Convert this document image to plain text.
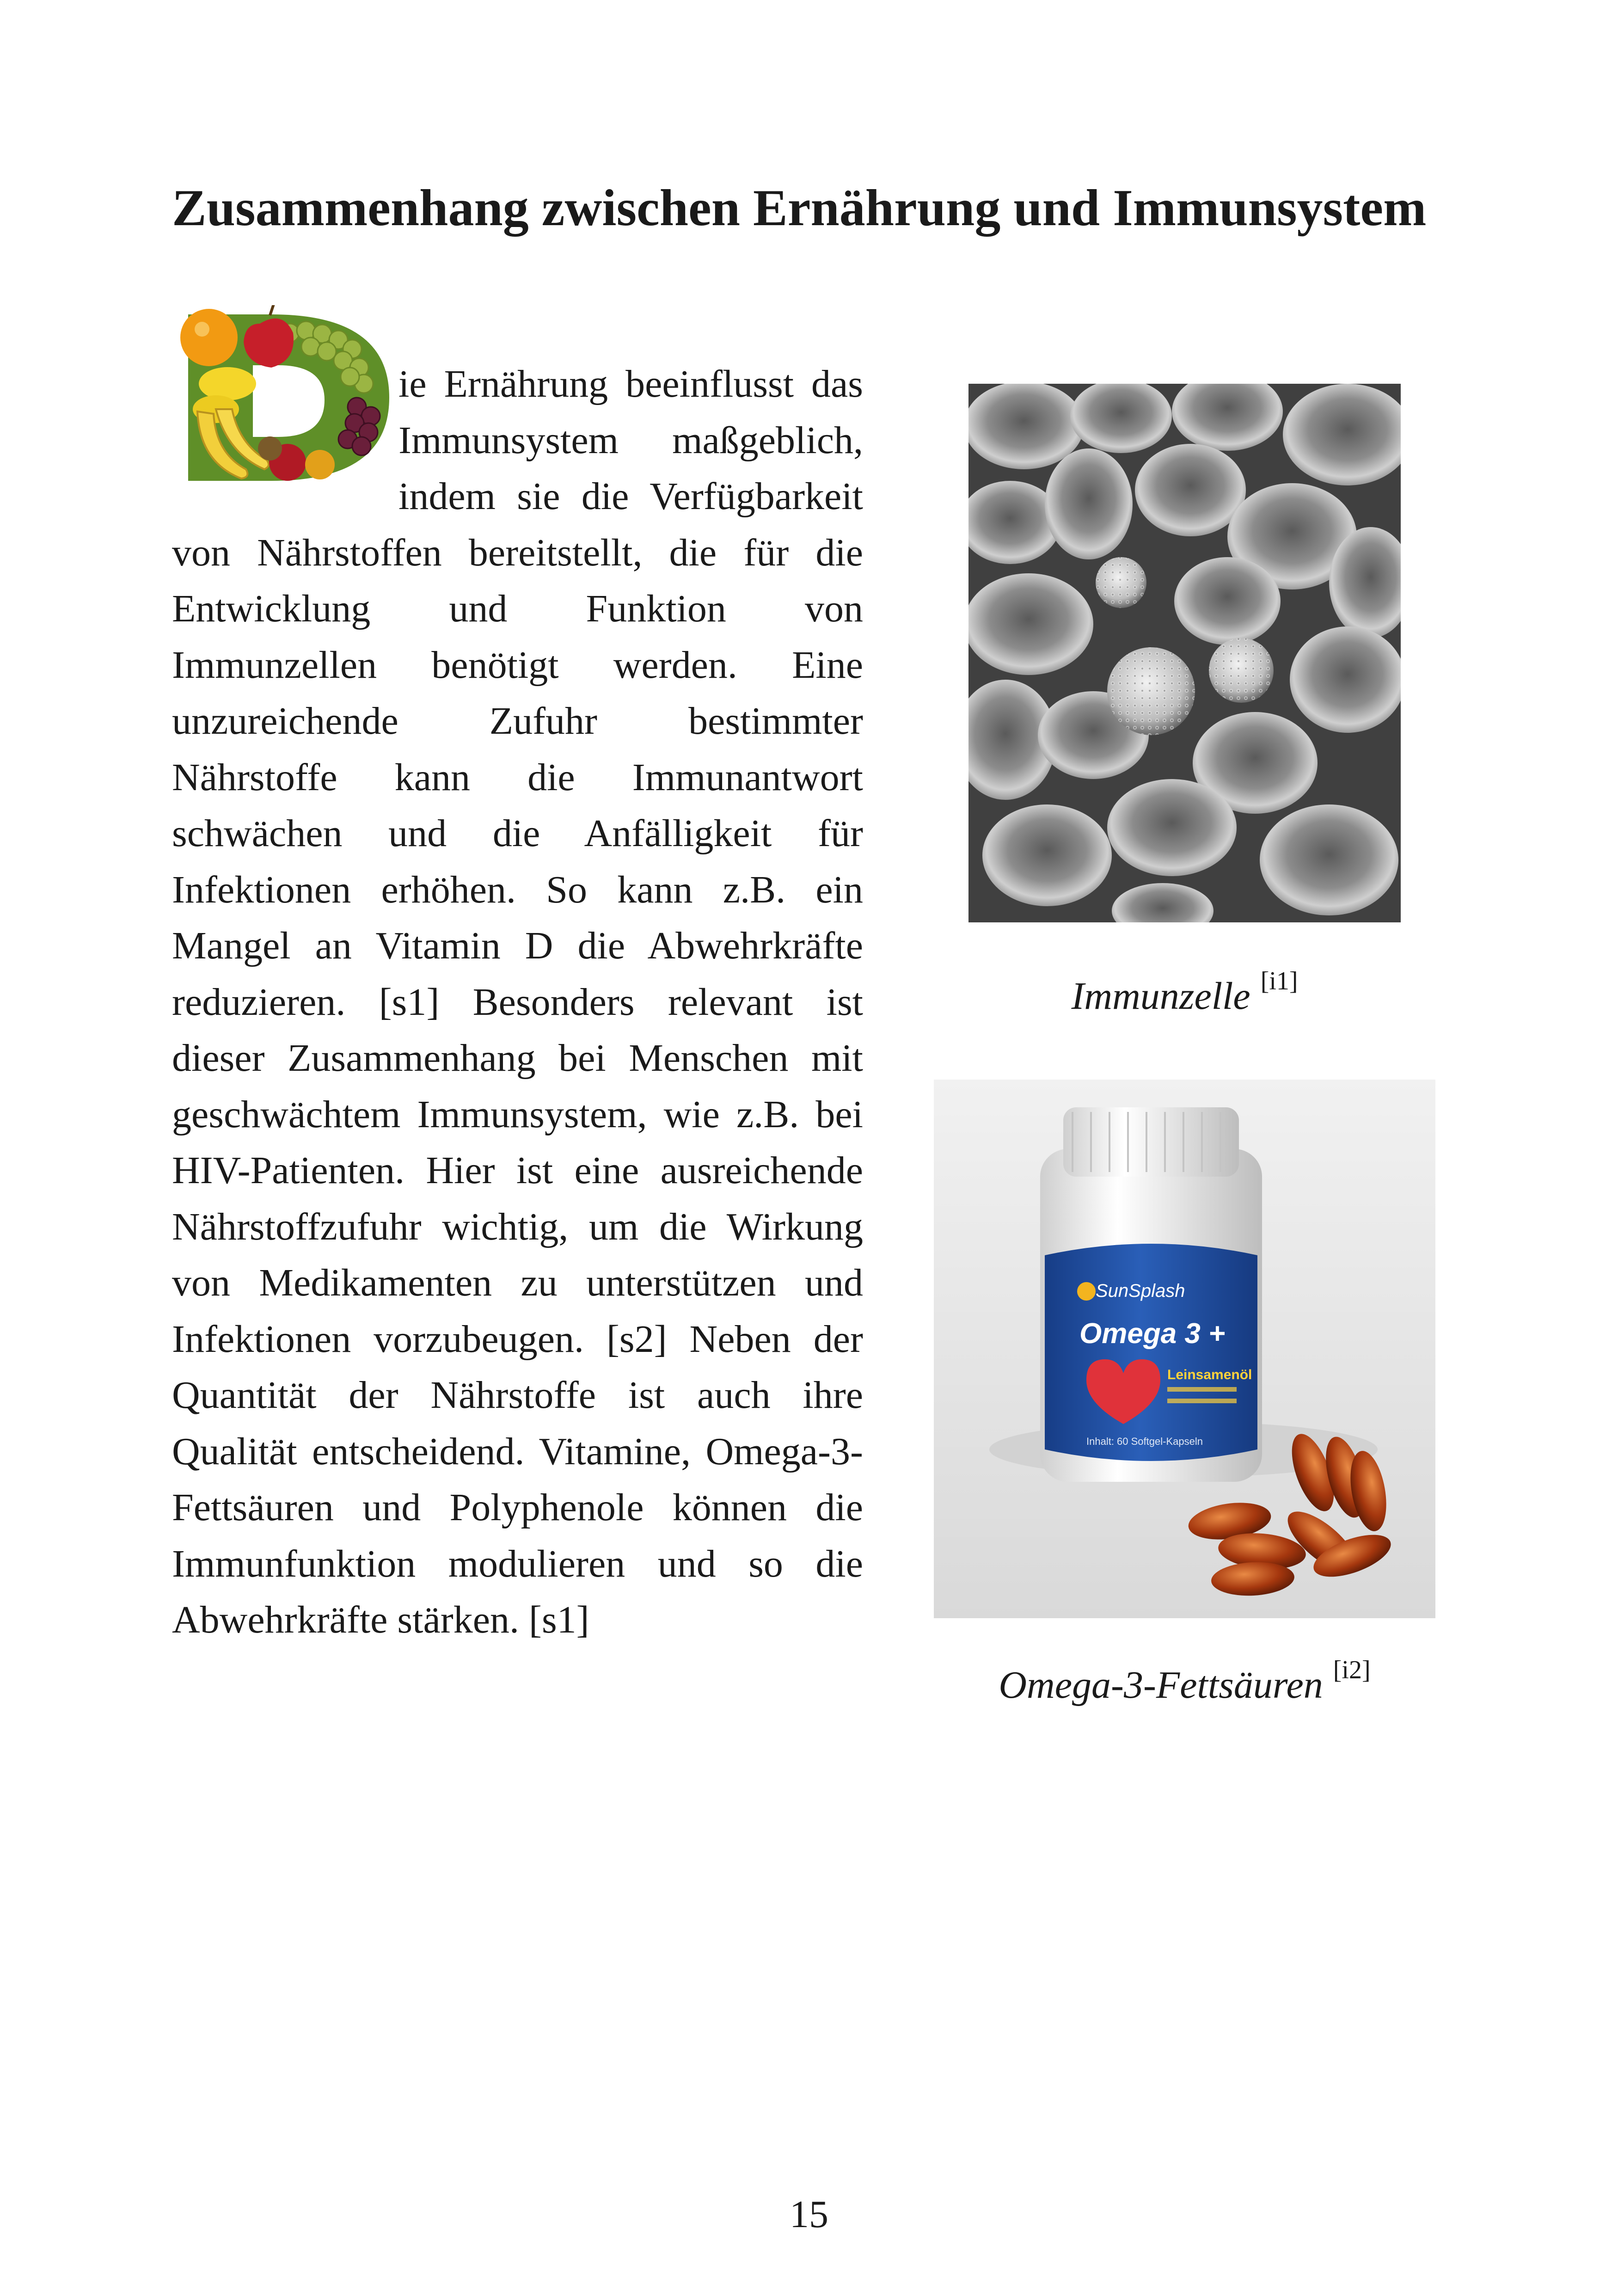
Zusammenhang zwischen Ernährung und Immunsystem

ie Ernährung beeinflusst das Immunsystem maßgeblich, indem sie die Verfügbarkeit von Nährstoffen bereitstellt, die für die Entwicklung und Funktion von Immunzellen benötigt werden. Eine unzureichende Zufuhr bestimmter Nährstoffe kann die Immunantwort schwächen und die Anfälligkeit für Infektionen erhöhen. So kann z.B. ein Mangel an Vitamin D die Abwehrkräfte reduzieren. [s1] Besonders relevant ist dieser Zusammenhang bei Menschen mit geschwächtem Immunsystem, wie z.B. bei HIV-Patienten. Hier ist eine ausreichende Nährstoffzufuhr wichtig, um die Wirkung von Medikamenten zu unterstützen und Infektionen vorzubeugen. [s2] Neben der Quantität der Nährstoffe ist auch ihre Qualität entscheidend. Vitamine, Omega-3-Fettsäuren und Polyphenole können die Immunfunktion modulieren und so die Abwehrkräfte stärken. [s1]

Immunzelle [i1]
SunSplash
Omega 3 +
Leinsamenöl
Inhalt: 60 Softgel-Kapseln
Omega-3-Fettsäuren [i2]
15
